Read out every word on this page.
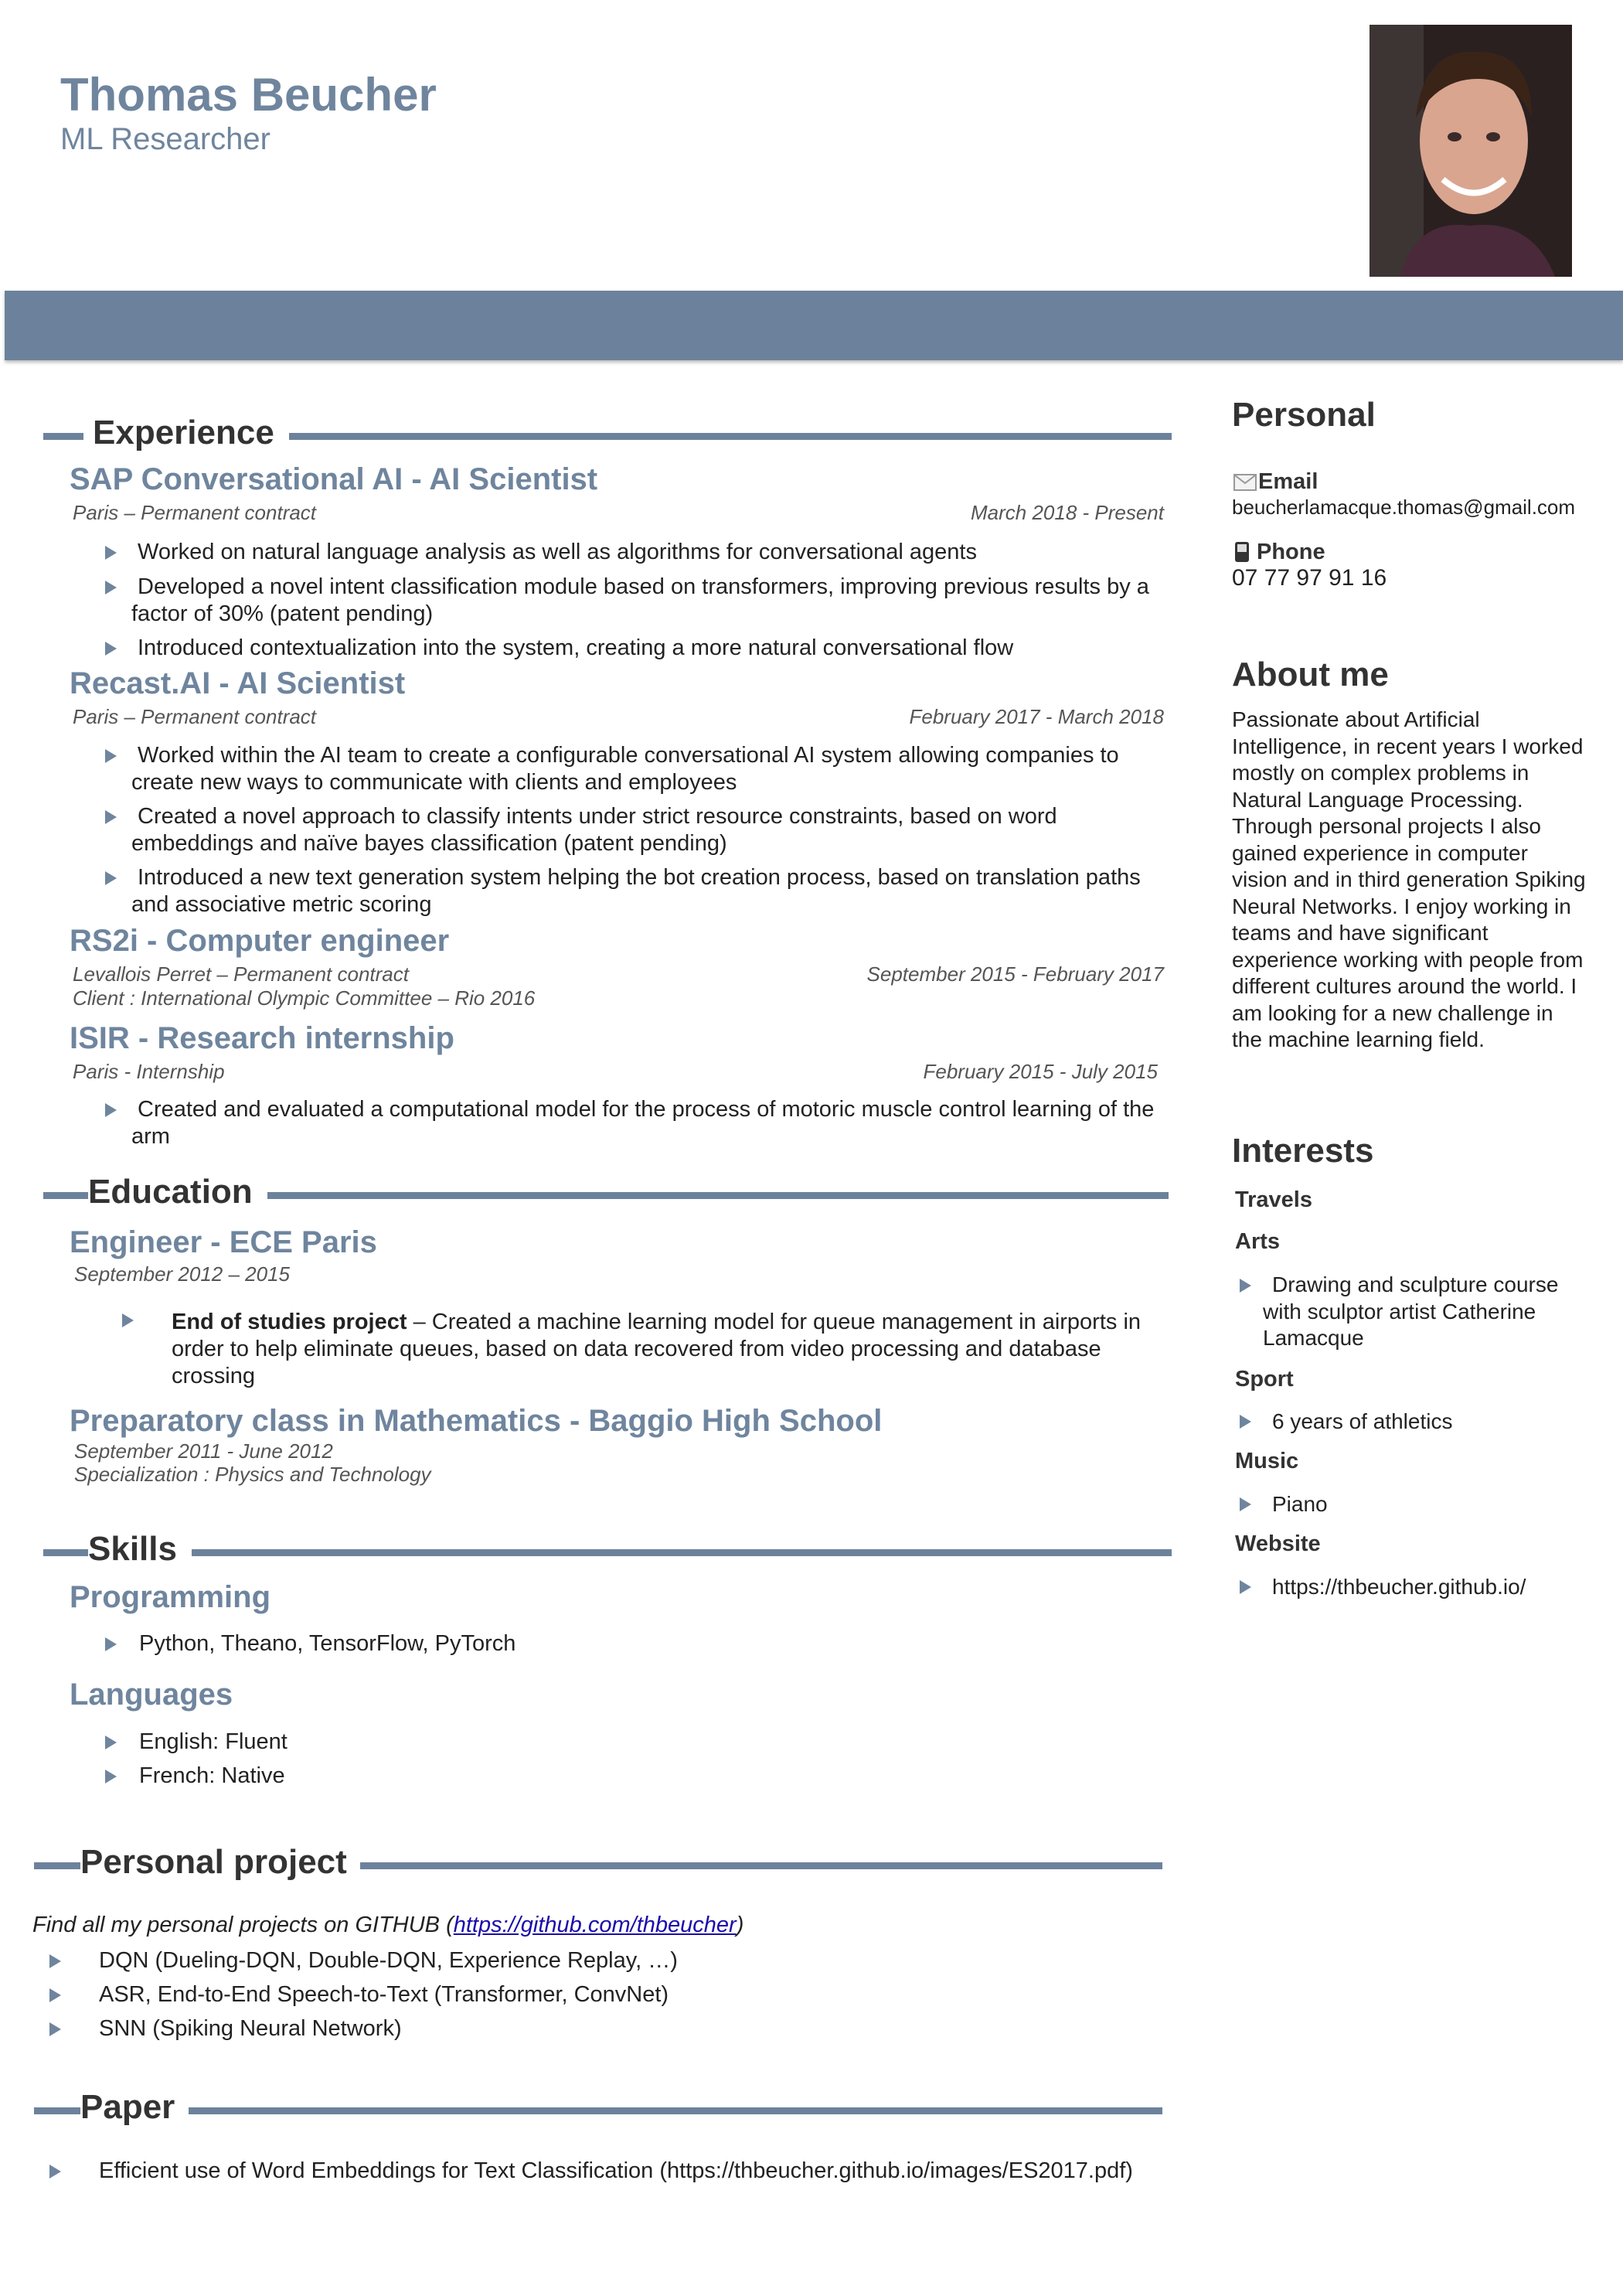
Thomas Beucher
ML Researcher
Experience
SAP Conversational AI - AI Scientist
Paris – Permanent contract	March 2018 - Present
Worked on natural language analysis as well as algorithms for conversational agents
Developed a novel intent classification module based on transformers, improving previous results by a factor of 30% (patent pending)
Introduced contextualization into the system, creating a more natural conversational flow
Recast.AI - AI Scientist
Paris – Permanent contract	February 2017 - March 2018
Worked within the AI team to create a configurable conversational AI system allowing companies to create new ways to communicate with clients and employees
Created a novel approach to classify intents under strict resource constraints, based on word embeddings and naïve bayes classification (patent pending)
Introduced a new text generation system helping the bot creation process, based on translation paths and associative metric scoring
RS2i - Computer engineer
Levallois Perret – Permanent contract	September 2015 - February 2017
Client : International Olympic Committee – Rio 2016
ISIR - Research internship
Paris - Internship	February 2015 - July 2015
Created and evaluated a computational model for the process of motoric muscle control learning of the arm
Education
Engineer - ECE Paris
September 2012 – 2015
End of studies project – Created a machine learning model for queue management in airports in order to help eliminate queues, based on data recovered from video processing and database crossing
Preparatory class in Mathematics - Baggio High School
September 2011 - June 2012
Specialization : Physics and Technology
Skills
Programming
Python, Theano, TensorFlow, PyTorch
Languages
English: Fluent
French: Native
Personal project
Find all my personal projects on GITHUB (https://github.com/thbeucher)
DQN (Dueling-DQN, Double-DQN, Experience Replay, …)
ASR, End-to-End Speech-to-Text (Transformer, ConvNet)
SNN (Spiking Neural Network)
Paper
Efficient use of Word Embeddings for Text Classification (https://thbeucher.github.io/images/ES2017.pdf)
Personal
Email
beucherlamacque.thomas@gmail.com
Phone
07 77 97 91 16
About me
Passionate about Artificial Intelligence, in recent years I worked mostly on complex problems in Natural Language Processing. Through personal projects I also gained experience in computer vision and in third generation Spiking Neural Networks. I enjoy working in teams and have significant experience working with people from different cultures around the world. I am looking for a new challenge in the machine learning field.
Interests
Travels
Arts
Drawing and sculpture course with sculptor artist Catherine Lamacque
Sport
6 years of athletics
Music
Piano
Website
https://thbeucher.github.io/
